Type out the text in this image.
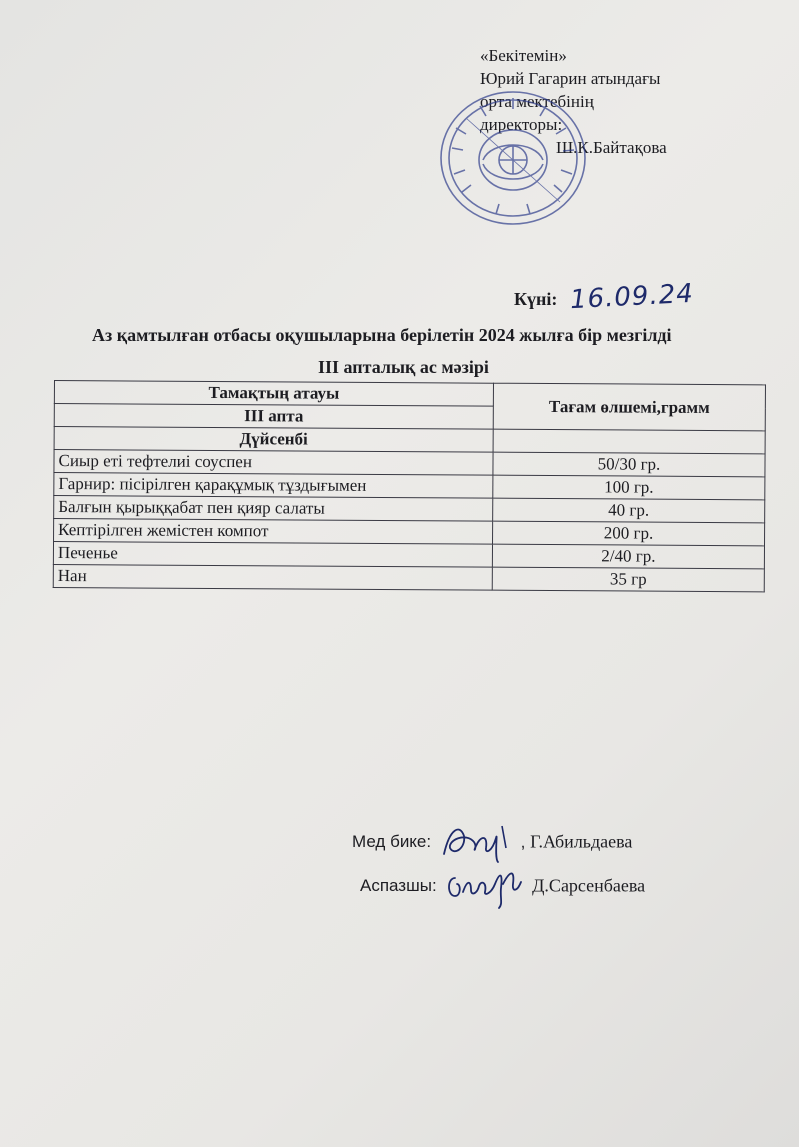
«Бекітемін»
Юрий Гагарин атындағы
орта мектебінің
директоры:
Ш.К.Байтақова
Күні: 16.09.24
Аз қамтылған отбасы оқушыларына берілетін 2024 жылға бір мезгілді
ІІІ апталық ас мәзірі
Тамақтың атауы	Тағам өлшемі,грамм
ІІІ апта	
Дүйсенбі	
Сиыр еті тефтелиі соуспен	50/30 гр.
Гарнир: пісірілген қарақұмық тұздығымен	100 гр.
Балғын қырыққабат пен қияр салаты	40 гр.
Кептірілген жемістен компот	200 гр.
Печенье	2/40 гр.
Нан	35 гр
Мед бике:	, Г.Абильдаева
Аспазшы:	Д.Сарсенбаева
